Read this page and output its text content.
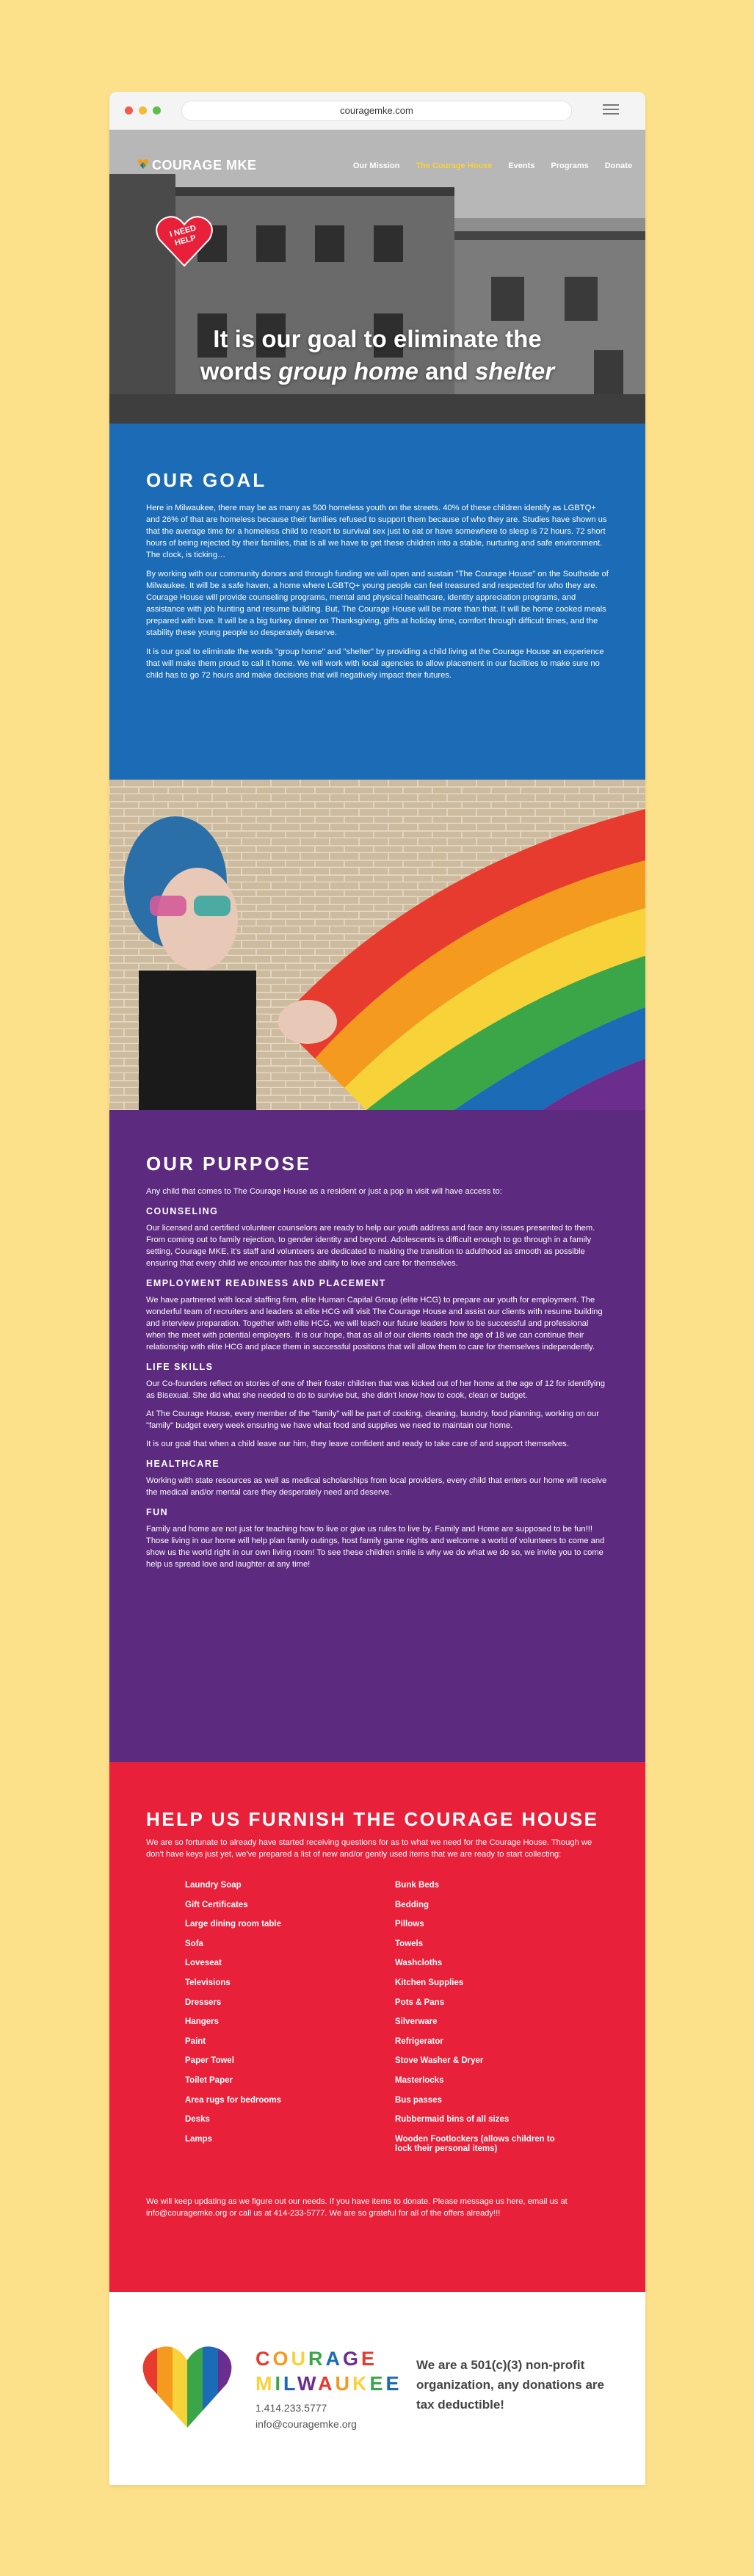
couragemke.com
COURAGE MKE	Our Mission The Courage House Events Programs Donate
I NEED HELP
It is our goal to eliminate the
words group home and shelter
OUR GOAL

Here in Milwaukee, there may be as many as 500 homeless youth on the streets. 40% of these children identify as LGBTQ+ and 26% of that are homeless because their families refused to support them because of who they are. Studies have shown us that the average time for a homeless child to resort to survival sex just to eat or have somewhere to sleep is 72 hours. 72 short hours of being rejected by their families, that is all we have to get these children into a stable, nurturing and safe environment. The clock, is ticking…

By working with our community donors and through funding we will open and sustain "The Courage House" on the Southside of Milwaukee. It will be a safe haven, a home where LGBTQ+ young people can feel treasured and respected for who they are. Courage House will provide counseling programs, mental and physical healthcare, identity appreciation programs, and assistance with job hunting and resume building. But, The Courage House will be more than that. It will be home cooked meals prepared with love. It will be a big turkey dinner on Thanksgiving, gifts at holiday time, comfort through difficult times, and the stability these young people so desperately deserve.

It is our goal to eliminate the words "group home" and "shelter" by providing a child living at the Courage House an experience that will make them proud to call it home. We will work with local agencies to allow placement in our facilities to make sure no child has to go 72 hours and make decisions that will negatively impact their futures.

OUR PURPOSE

Any child that comes to The Courage House as a resident or just a pop in visit will have access to:

COUNSELING

Our licensed and certified volunteer counselors are ready to help our youth address and face any issues presented to them. From coming out to family rejection, to gender identity and beyond. Adolescents is difficult enough to go through in a family setting, Courage MKE, it's staff and volunteers are dedicated to making the transition to adulthood as smooth as possible ensuring that every child we encounter has the ability to love and care for themselves.

EMPLOYMENT READINESS AND PLACEMENT

We have partnered with local staffing firm, elite Human Capital Group (elite HCG) to prepare our youth for employment. The wonderful team of recruiters and leaders at elite HCG will visit The Courage House and assist our clients with resume building and interview preparation. Together with elite HCG, we will teach our future leaders how to be successful and professional when the meet with potential employers. It is our hope, that as all of our clients reach the age of 18 we can continue their relationship with elite HCG and place them in successful positions that will allow them to care for themselves independently.

LIFE SKILLS

Our Co-founders reflect on stories of one of their foster children that was kicked out of her home at the age of 12 for identifying as Bisexual. She did what she needed to do to survive but, she didn't know how to cook, clean or budget.

At The Courage House, every member of the "family" will be part of cooking, cleaning, laundry, food planning, working on our "family" budget every week ensuring we have what food and supplies we need to maintain our home.

It is our goal that when a child leave our him, they leave confident and ready to take care of and support themselves.

HEALTHCARE

Working with state resources as well as medical scholarships from local providers, every child that enters our home will receive the medical and/or mental care they desperately need and deserve.

FUN

Family and home are not just for teaching how to live or give us rules to live by. Family and Home are supposed to be fun!!! Those living in our home will help plan family outings, host family game nights and welcome a world of volunteers to come and show us the world right in our own living room! To see these children smile is why we do what we do so, we invite you to come help us spread love and laughter at any time!

HELP US FURNISH THE COURAGE HOUSE

We are so fortunate to already have started receiving questions for as to what we need for the Courage House. Though we don't have keys just yet, we've prepared a list of new and/or gently used items that we are ready to start collecting:

Laundry Soap	Bunk Beds
Gift Certificates	Bedding
Large dining room table	Pillows
Sofa	Towels
Loveseat	Washcloths
Televisions	Kitchen Supplies
Dressers	Pots & Pans
Hangers	Silverware
Paint	Refrigerator
Paper Towel	Stove Washer & Dryer
Toilet Paper	Masterlocks
Area rugs for bedrooms	Bus passes
Desks	Rubbermaid bins of all sizes
Lamps	Wooden Footlockers (allows children to lock their personal items)

We will keep updating as we figure out our needs. If you have items to donate. Please message us here, email us at info@couragemke.org or call us at 414-233-5777. We are so grateful for all of the offers already!!!

COURAGE
MILWAUKEE
1.414.233.5777
info@couragemke.org
We are a 501(c)(3) non-profit organization, any donations are tax deductible!
